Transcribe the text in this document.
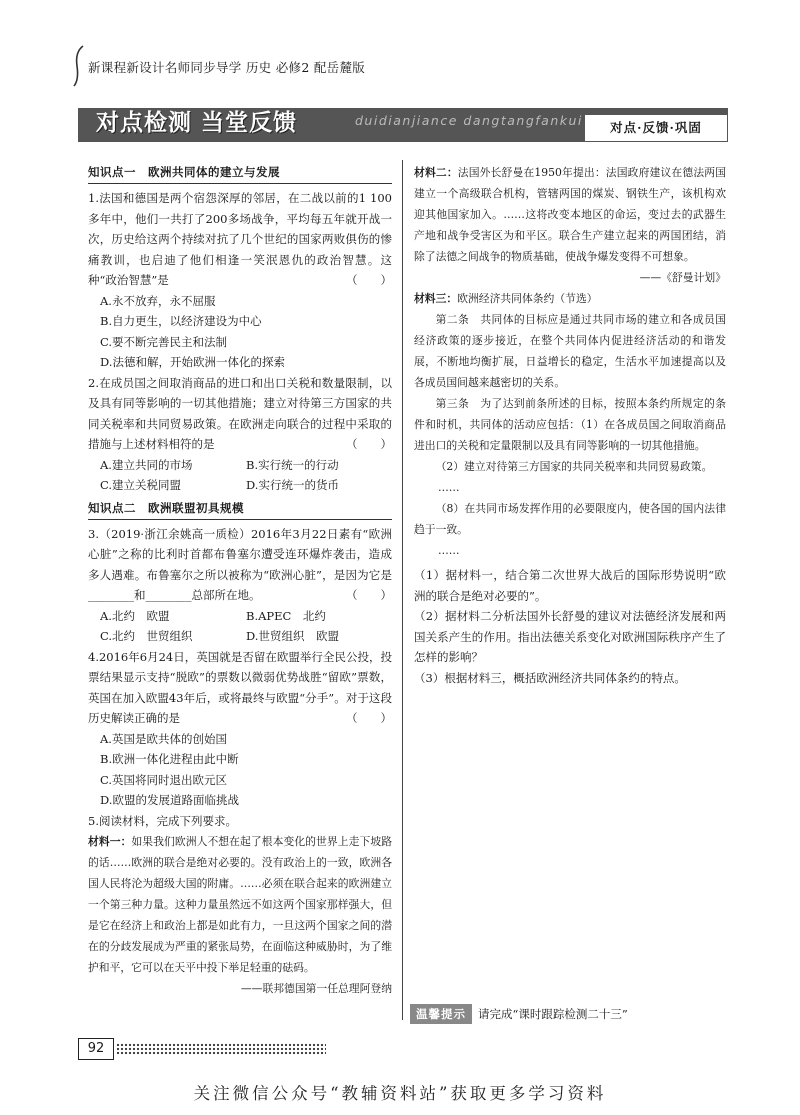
新课程新设计名师同步导学 历史 必修2 配岳麓版
对点检测 当堂反馈	duidianjiance dangtangfankui	对点·反馈·巩固
知识点一　欧洲共同体的建立与发展

1.法国和德国是两个宿怨深厚的邻居，在二战以前的1 100多年中，他们一共打了200多场战争，平均每五年就开战一次，历史给这两个持续对抗了几个世纪的国家两败俱伤的惨痛教训，也启迪了他们相逢一笑泯恩仇的政治智慧。这种“政治智慧”是	（　　）

A.永不放弃，永不屈服
B.自力更生，以经济建设为中心
C.要不断完善民主和法制
D.法德和解，开始欧洲一体化的探索

2.在成员国之间取消商品的进口和出口关税和数量限制，以及具有同等影响的一切其他措施；建立对待第三方国家的共同关税率和共同贸易政策。在欧洲走向联合的过程中采取的措施与上述材料相符的是	（　　）

A.建立共同的市场	B.实行统一的行动
C.建立关税同盟	D.实行统一的货币
知识点二　欧洲联盟初具规模

3.（2019·浙江余姚高一质检）2016年3月22日素有“欧洲心脏”之称的比利时首都布鲁塞尔遭受连环爆炸袭击，造成多人遇难。布鲁塞尔之所以被称为“欧洲心脏”，是因为它是________和________总部所在地。	（　　）

A.北约　欧盟	B.APEC　北约
C.北约　世贸组织	D.世贸组织　欧盟

4.2016年6月24日，英国就是否留在欧盟举行全民公投，投票结果显示支持“脱欧”的票数以微弱优势战胜“留欧”票数，英国在加入欧盟43年后，或将最终与欧盟“分手”。对于这段历史解读正确的是	（　　）

A.英国是欧共体的创始国
B.欧洲一体化进程由此中断
C.英国将同时退出欧元区
D.欧盟的发展道路面临挑战

5.阅读材料，完成下列要求。

材料一：如果我们欧洲人不想在起了根本变化的世界上走下坡路的话……欧洲的联合是绝对必要的。没有政治上的一致，欧洲各国人民将沦为超级大国的附庸。……必须在联合起来的欧洲建立一个第三种力量。这种力量虽然远不如这两个国家那样强大，但是它在经济上和政治上都是如此有力，一旦这两个国家之间的潜在的分歧发展成为严重的紧张局势，在面临这种威胁时，为了维护和平，它可以在天平中投下举足轻重的砝码。

——联邦德国第一任总理阿登纳

材料二：法国外长舒曼在1950年提出：法国政府建议在德法两国建立一个高级联合机构，管辖两国的煤炭、钢铁生产，该机构欢迎其他国家加入。……这将改变本地区的命运，变过去的武器生产地和战争受害区为和平区。联合生产建立起来的两国团结，消除了法德之间战争的物质基础，使战争爆发变得不可想象。

——《舒曼计划》

材料三：欧洲经济共同体条约（节选）

第二条　共同体的目标应是通过共同市场的建立和各成员国经济政策的逐步接近，在整个共同体内促进经济活动的和谐发展，不断地均衡扩展，日益增长的稳定，生活水平加速提高以及各成员国间越来越密切的关系。

第三条　为了达到前条所述的目标，按照本条约所规定的条件和时机，共同体的活动应包括：（1）在各成员国之间取消商品进出口的关税和定量限制以及具有同等影响的一切其他措施。

（2）建立对待第三方国家的共同关税率和共同贸易政策。

……

（8）在共同市场发挥作用的必要限度内，使各国的国内法律趋于一致。

……

（1）据材料一，结合第二次世界大战后的国际形势说明“欧洲的联合是绝对必要的”。

（2）据材料二分析法国外长舒曼的建议对法德经济发展和两国关系产生的作用。指出法德关系变化对欧洲国际秩序产生了怎样的影响？

（3）根据材料三，概括欧洲经济共同体条约的特点。

温馨提示	请完成“课时跟踪检测二十三”
92
关注微信公众号“教辅资料站”获取更多学习资料
